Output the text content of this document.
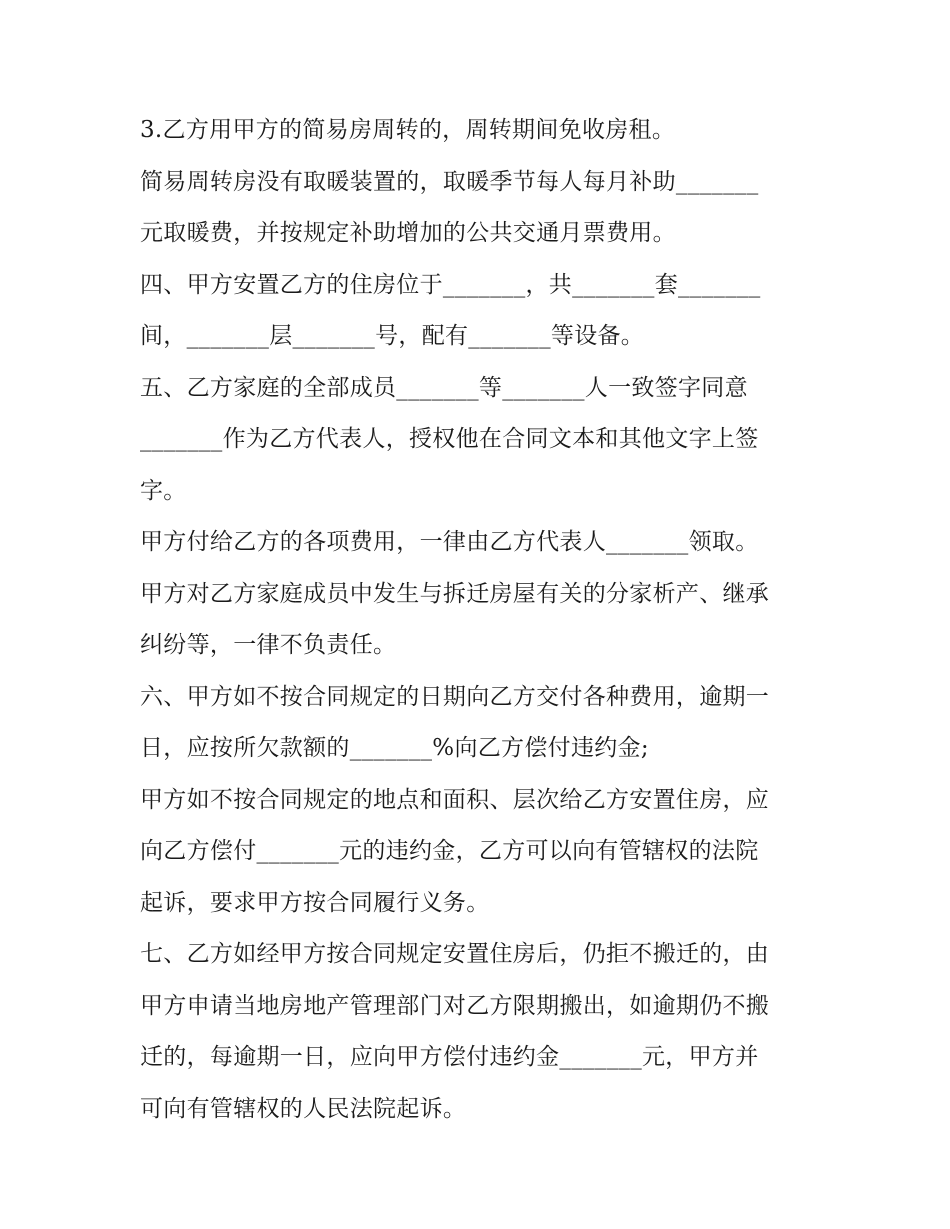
3.乙方用甲方的简易房周转的，周转期间免收房租。
简易周转房没有取暖装置的，取暖季节每人每月补助_______
元取暖费，并按规定补助增加的公共交通月票费用。
四、甲方安置乙方的住房位于_______，共_______套_______
间，_______层_______号，配有_______等设备。
五、乙方家庭的全部成员_______等_______人一致签字同意
_______作为乙方代表人，授权他在合同文本和其他文字上签
字。
甲方付给乙方的各项费用，一律由乙方代表人_______领取。
甲方对乙方家庭成员中发生与拆迁房屋有关的分家析产、继承
纠纷等，一律不负责任。
六、甲方如不按合同规定的日期向乙方交付各种费用，逾期一
日，应按所欠款额的_______%向乙方偿付违约金;
甲方如不按合同规定的地点和面积、层次给乙方安置住房，应
向乙方偿付_______元的违约金，乙方可以向有管辖权的法院
起诉，要求甲方按合同履行义务。
七、乙方如经甲方按合同规定安置住房后，仍拒不搬迁的，由
甲方申请当地房地产管理部门对乙方限期搬出，如逾期仍不搬
迁的，每逾期一日，应向甲方偿付违约金_______元，甲方并
可向有管辖权的人民法院起诉。
